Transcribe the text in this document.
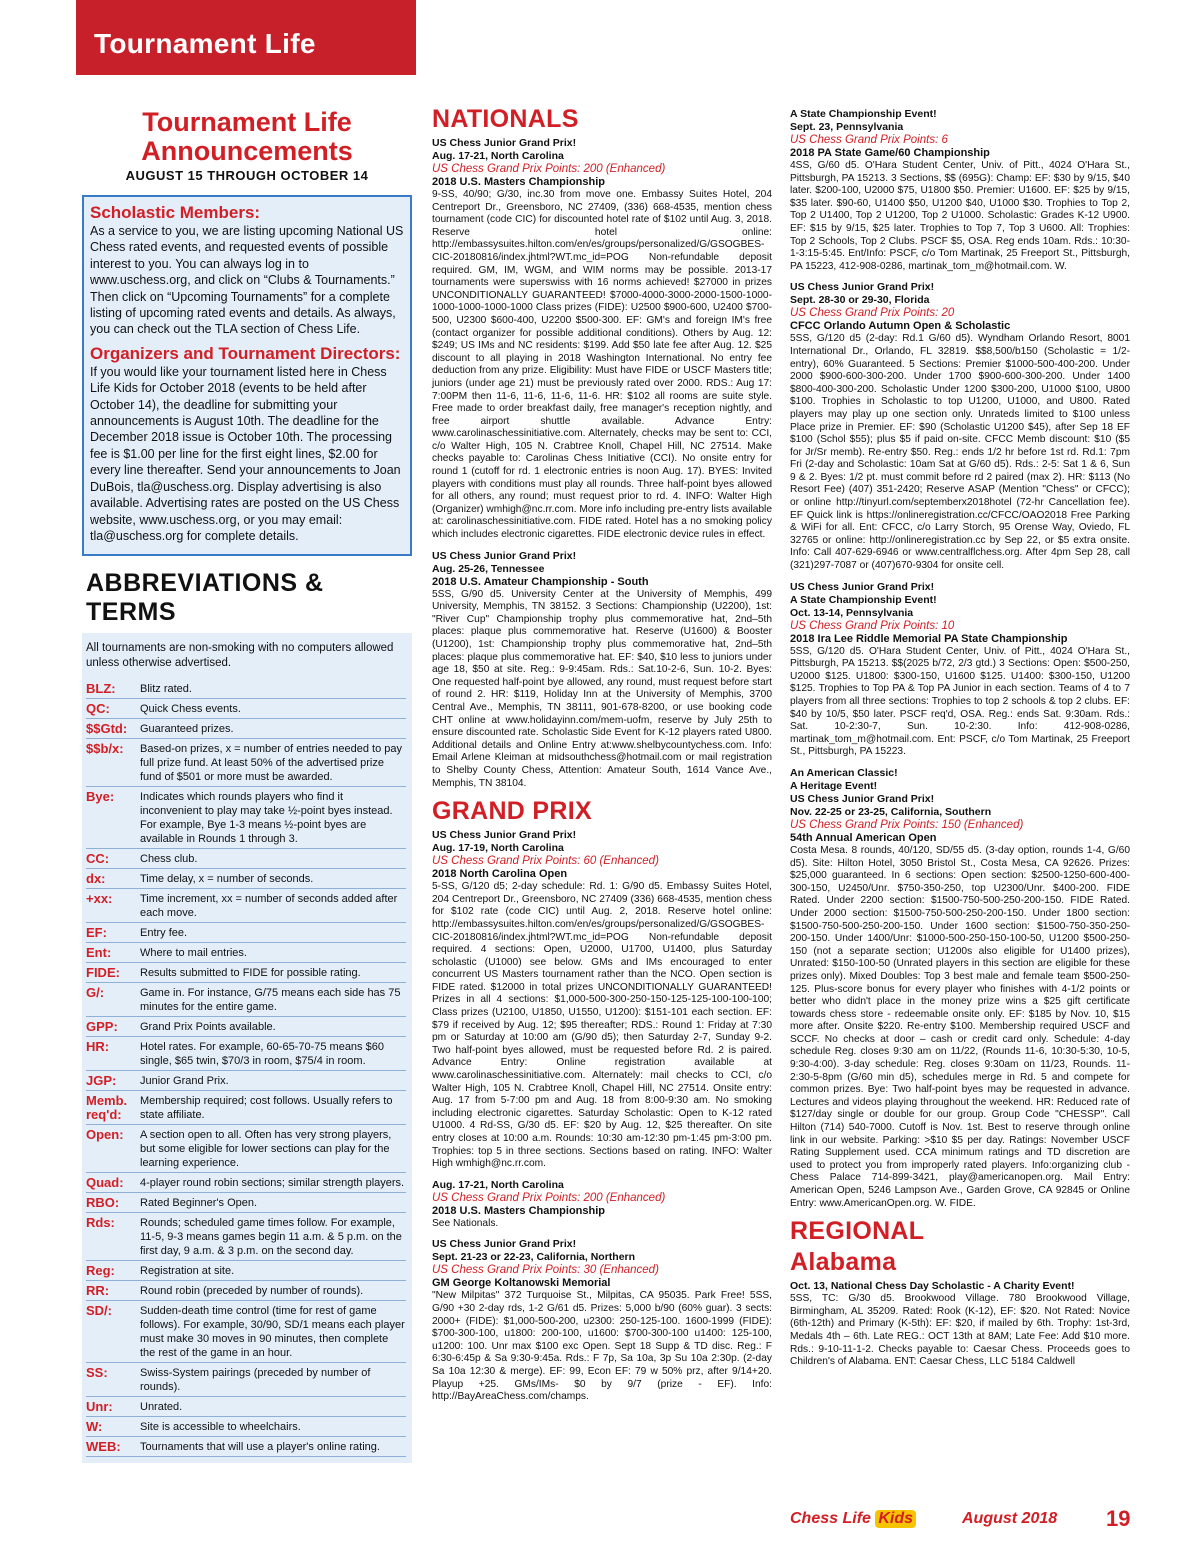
Tournament Life
Tournament Life
Announcements
AUGUST 15 THROUGH OCTOBER 14
Scholastic Members:

As a service to you, we are listing upcoming National US Chess rated events, and requested events of possible interest to you. You can always log in to www.uschess.org, and click on “Clubs & Tournaments.” Then click on “Upcoming Tournaments” for a complete listing of upcoming rated events and details. As always, you can check out the TLA section of Chess Life.

Organizers and Tournament Directors:

If you would like your tournament listed here in Chess Life Kids for October 2018 (events to be held after October 14), the deadline for submitting your announcements is August 10th. The deadline for the December 2018 issue is October 10th. The processing fee is $1.00 per line for the first eight lines, $2.00 for every line thereafter. Send your announcements to Joan DuBois, tla@uschess.org. Display advertising is also available. Advertising rates are posted on the US Chess website, www.uschess.org, or you may email: tla@uschess.org for complete details.

ABBREVIATIONS & TERMS

All tournaments are non-smoking with no computers allowed unless otherwise advertised.

BLZ:	Blitz rated.
QC:	Quick Chess events.
$$Gtd:	Guaranteed prizes.
$$b/x:	Based-on prizes, x = number of entries needed to pay full prize fund. At least 50% of the advertised prize fund of $501 or more must be awarded.
Bye:	Indicates which rounds players who find it inconvenient to play may take ½-point byes instead. For example, Bye 1-3 means ½-point byes are available in Rounds 1 through 3.
CC:	Chess club.
dx:	Time delay, x = number of seconds.
+xx:	Time increment, xx = number of seconds added after each move.
EF:	Entry fee.
Ent:	Where to mail entries.
FIDE:	Results submitted to FIDE for possible rating.
G/:	Game in. For instance, G/75 means each side has 75 minutes for the entire game.
GPP:	Grand Prix Points available.
HR:	Hotel rates. For example, 60-65-70-75 means $60 single, $65 twin, $70/3 in room, $75/4 in room.
JGP:	Junior Grand Prix.
Memb. req'd:
Membership required; cost follows. Usually refers to state affiliate.
Open:	A section open to all. Often has very strong players, but some eligible for lower sections can play for the learning experience.
Quad:	4-player round robin sections; similar strength players.
RBO:	Rated Beginner's Open.
Rds:	Rounds; scheduled game times follow. For example, 11-5, 9-3 means games begin 11 a.m. & 5 p.m. on the first day, 9 a.m. & 3 p.m. on the second day.
Reg:	Registration at site.
RR:	Round robin (preceded by number of rounds).
SD/:	Sudden-death time control (time for rest of game follows). For example, 30/90, SD/1 means each player must make 30 moves in 90 minutes, then complete the rest of the game in an hour.
SS:	Swiss-System pairings (preceded by number of rounds).
Unr:	Unrated.
W:	Site is accessible to wheelchairs.
WEB:	Tournaments that will use a player's online rating.
NATIONALS
US Chess Junior Grand Prix!
Aug. 17-21, North Carolina
US Chess Grand Prix Points: 200 (Enhanced)
2018 U.S. Masters Championship
9-SS, 40/90; G/30, inc.30 from move one. Embassy Suites Hotel, 204 Centreport Dr., Greensboro, NC 27409, (336) 668-4535, mention chess tournament (code CIC) for discounted hotel rate of $102 until Aug. 3, 2018. Reserve hotel online: http://embassysuites.hilton.com/en/es/groups/personalized/G/GSOGBES-CIC-20180816/index.jhtml?WT.mc_id=POG Non-refundable deposit required. GM, IM, WGM, and WIM norms may be possible. 2013-17 tournaments were superswiss with 16 norms achieved! $27000 in prizes UNCONDITIONALLY GUARANTEED! $7000-4000-3000-2000-1500-1000-1000-1000-1000-1000 Class prizes (FIDE): U2500 $900-600, U2400 $700-500, U2300 $600-400, U2200 $500-300. EF: GM's and foreign IM's free (contact organizer for possible additional conditions). Others by Aug. 12: $249; US IMs and NC residents: $199. Add $50 late fee after Aug. 12. $25 discount to all playing in 2018 Washington International. No entry fee deduction from any prize. Eligibility: Must have FIDE or USCF Masters title; juniors (under age 21) must be previously rated over 2000. RDS.: Aug 17: 7:00PM then 11-6, 11-6, 11-6, 11-6. HR: $102 all rooms are suite style. Free made to order breakfast daily, free manager's reception nightly, and free airport shuttle available. Advance Entry: www.carolinaschessinitiative.com. Alternately, checks may be sent to: CCI, c/o Walter High, 105 N. Crabtree Knoll, Chapel Hill, NC 27514. Make checks payable to: Carolinas Chess Initiative (CCI). No onsite entry for round 1 (cutoff for rd. 1 electronic entries is noon Aug. 17). BYES: Invited players with conditions must play all rounds. Three half-point byes allowed for all others, any round; must request prior to rd. 4. INFO: Walter High (Organizer) wmhigh@nc.rr.com. More info including pre-entry lists available at: carolinaschessinitiative.com. FIDE rated. Hotel has a no smoking policy which includes electronic cigarettes. FIDE electronic device rules in effect.
US Chess Junior Grand Prix!
Aug. 25-26, Tennessee
2018 U.S. Amateur Championship - South
5SS, G/90 d5. University Center at the University of Memphis, 499 University, Memphis, TN 38152. 3 Sections: Championship (U2200), 1st: "River Cup" Championship trophy plus commemorative hat, 2nd–5th places: plaque plus commemorative hat. Reserve (U1600) & Booster (U1200), 1st: Championship trophy plus commemorative hat, 2nd–5th places: plaque plus commemorative hat. EF: $40, $10 less to juniors under age 18, $50 at site. Reg.: 9-9:45am. Rds.: Sat.10-2-6, Sun. 10-2. Byes: One requested half-point bye allowed, any round, must request before start of round 2. HR: $119, Holiday Inn at the University of Memphis, 3700 Central Ave., Memphis, TN 38111, 901-678-8200, or use booking code CHT online at www.holidayinn.com/mem-uofm, reserve by July 25th to ensure discounted rate. Scholastic Side Event for K-12 players rated U800. Additional details and Online Entry at:www.shelbycountychess.com. Info: Email Arlene Kleiman at midsouthchess@hotmail.com or mail registration to Shelby County Chess, Attention: Amateur South, 1614 Vance Ave., Memphis, TN 38104.
GRAND PRIX
US Chess Junior Grand Prix!
Aug. 17-19, North Carolina
US Chess Grand Prix Points: 60 (Enhanced)
2018 North Carolina Open
5-SS, G/120 d5; 2-day schedule: Rd. 1: G/90 d5. Embassy Suites Hotel, 204 Centreport Dr., Greensboro, NC 27409 (336) 668-4535, mention chess for $102 rate (code CIC) until Aug. 2, 2018. Reserve hotel online: http://embassysuites.hilton.com/en/es/groups/personalized/G/GSOGBES-CIC-20180816/index.jhtml?WT.mc_id=POG Non-refundable deposit required. 4 sections: Open, U2000, U1700, U1400, plus Saturday scholastic (U1000) see below. GMs and IMs encouraged to enter concurrent US Masters tournament rather than the NCO. Open section is FIDE rated. $12000 in total prizes UNCONDITIONALLY GUARANTEED! Prizes in all 4 sections: $1,000-500-300-250-150-125-125-100-100-100; Class prizes (U2100, U1850, U1550, U1200): $151-101 each section. EF: $79 if received by Aug. 12; $95 thereafter; RDS.: Round 1: Friday at 7:30 pm or Saturday at 10:00 am (G/90 d5); then Saturday 2-7, Sunday 9-2. Two half-point byes allowed, must be requested before Rd. 2 is paired. Advance Entry: Online registration available at www.carolinaschessinitiative.com. Alternately: mail checks to CCI, c/o Walter High, 105 N. Crabtree Knoll, Chapel Hill, NC 27514. Onsite entry: Aug. 17 from 5-7:00 pm and Aug. 18 from 8:00-9:30 am. No smoking including electronic cigarettes. Saturday Scholastic: Open to K-12 rated U1000. 4 Rd-SS, G/30 d5. EF: $20 by Aug. 12, $25 thereafter. On site entry closes at 10:00 a.m. Rounds: 10:30 am-12:30 pm-1:45 pm-3:00 pm. Trophies: top 5 in three sections. Sections based on rating. INFO: Walter High wmhigh@nc.rr.com.
Aug. 17-21, North Carolina
US Chess Grand Prix Points: 200 (Enhanced)
2018 U.S. Masters Championship
See Nationals.
US Chess Junior Grand Prix!
Sept. 21-23 or 22-23, California, Northern
US Chess Grand Prix Points: 30 (Enhanced)
GM George Koltanowski Memorial
"New Milpitas" 372 Turquoise St., Milpitas, CA 95035. Park Free! 5SS, G/90 +30 2-day rds, 1-2 G/61 d5. Prizes: 5,000 b/90 (60% guar). 3 sects: 2000+ (FIDE): $1,000-500-200, u2300: 250-125-100. 1600-1999 (FIDE): $700-300-100, u1800: 200-100, u1600: $700-300-100 u1400: 125-100, u1200: 100. Unr max $100 exc Open. Sept 18 Supp & TD disc. Reg.: F 6:30-6:45p & Sa 9:30-9:45a. Rds.: F 7p, Sa 10a, 3p Su 10a 2:30p. (2-day Sa 10a 12:30 & merge). EF: 99, Econ EF: 79 w 50% prz, after 9/14+20. Playup +25. GMs/IMs- $0 by 9/7 (prize - EF). Info: http://BayAreaChess.com/champs.
A State Championship Event!
Sept. 23, Pennsylvania
US Chess Grand Prix Points: 6
2018 PA State Game/60 Championship
4SS, G/60 d5. O'Hara Student Center, Univ. of Pitt., 4024 O'Hara St., Pittsburgh, PA 15213. 3 Sections, $$ (695G): Champ: EF: $30 by 9/15, $40 later. $200-100, U2000 $75, U1800 $50. Premier: U1600. EF: $25 by 9/15, $35 later. $90-60, U1400 $50, U1200 $40, U1000 $30. Trophies to Top 2, Top 2 U1400, Top 2 U1200, Top 2 U1000. Scholastic: Grades K-12 U900. EF: $15 by 9/15, $25 later. Trophies to Top 7, Top 3 U600. All: Trophies: Top 2 Schools, Top 2 Clubs. PSCF $5, OSA. Reg ends 10am. Rds.: 10:30-1-3:15-5:45. Ent/Info: PSCF, c/o Tom Martinak, 25 Freeport St., Pittsburgh, PA 15223, 412-908-0286, martinak_tom_m@hotmail.com. W.
US Chess Junior Grand Prix!
Sept. 28-30 or 29-30, Florida
US Chess Grand Prix Points: 20
CFCC Orlando Autumn Open & Scholastic
5SS, G/120 d5 (2-day: Rd.1 G/60 d5). Wyndham Orlando Resort, 8001 International Dr., Orlando, FL 32819. $$8,500/b150 (Scholastic = 1/2-entry), 60% Guaranteed. 5 Sections: Premier $1000-500-400-200. Under 2000 $900-600-300-200. Under 1700 $900-600-300-200. Under 1400 $800-400-300-200. Scholastic Under 1200 $300-200, U1000 $100, U800 $100. Trophies in Scholastic to top U1200, U1000, and U800. Rated players may play up one section only. Unrateds limited to $100 unless Place prize in Premier. EF: $90 (Scholastic U1200 $45), after Sep 18 EF $100 (Schol $55); plus $5 if paid on-site. CFCC Memb discount: $10 ($5 for Jr/Sr memb). Re-entry $50. Reg.: ends 1/2 hr before 1st rd. Rd.1: 7pm Fri (2-day and Scholastic: 10am Sat at G/60 d5). Rds.: 2-5: Sat 1 & 6, Sun 9 & 2. Byes: 1/2 pt. must commit before rd 2 paired (max 2). HR: $113 (No Resort Fee) (407) 351-2420; Reserve ASAP (Mention "Chess" or CFCC); or online http://tinyurl.com/septemberx2018hotel (72-hr Cancellation fee). EF Quick link is https://onlineregistration.cc/CFCC/OAO2018 Free Parking & WiFi for all. Ent: CFCC, c/o Larry Storch, 95 Orense Way, Oviedo, FL 32765 or online: http://onlineregistration.cc by Sep 22, or $5 extra onsite. Info: Call 407-629-6946 or www.centralflchess.org. After 4pm Sep 28, call (321)297-7087 or (407)670-9304 for onsite cell.
US Chess Junior Grand Prix!
A State Championship Event!
Oct. 13-14, Pennsylvania
US Chess Grand Prix Points: 10
2018 Ira Lee Riddle Memorial PA State Championship
5SS, G/120 d5. O'Hara Student Center, Univ. of Pitt., 4024 O'Hara St., Pittsburgh, PA 15213. $$(2025 b/72, 2/3 gtd.) 3 Sections: Open: $500-250, U2000 $125. U1800: $300-150, U1600 $125. U1400: $300-150, U1200 $125. Trophies to Top PA & Top PA Junior in each section. Teams of 4 to 7 players from all three sections: Trophies to top 2 schools & top 2 clubs. EF: $40 by 10/5, $50 later. PSCF req'd, OSA. Reg.: ends Sat. 9:30am. Rds.: Sat. 10-2:30-7, Sun. 10-2:30. Info: 412-908-0286, martinak_tom_m@hotmail.com. Ent: PSCF, c/o Tom Martinak, 25 Freeport St., Pittsburgh, PA 15223.
An American Classic!
A Heritage Event!
US Chess Junior Grand Prix!
Nov. 22-25 or 23-25, California, Southern
US Chess Grand Prix Points: 150 (Enhanced)
54th Annual American Open
Costa Mesa. 8 rounds, 40/120, SD/55 d5. (3-day option, rounds 1-4, G/60 d5). Site: Hilton Hotel, 3050 Bristol St., Costa Mesa, CA 92626. Prizes: $25,000 guaranteed. In 6 sections: Open section: $2500-1250-600-400-300-150, U2450/Unr. $750-350-250, top U2300/Unr. $400-200. FIDE Rated. Under 2200 section: $1500-750-500-250-200-150. FIDE Rated. Under 2000 section: $1500-750-500-250-200-150. Under 1800 section: $1500-750-500-250-200-150. Under 1600 section: $1500-750-350-250-200-150. Under 1400/Unr: $1000-500-250-150-100-50, U1200 $500-250-150 (not a separate section; U1200s also eligible for U1400 prizes), Unrated: $150-100-50 (Unrated players in this section are eligible for these prizes only). Mixed Doubles: Top 3 best male and female team $500-250-125. Plus-score bonus for every player who finishes with 4-1/2 points or better who didn't place in the money prize wins a $25 gift certificate towards chess store - redeemable onsite only. EF: $185 by Nov. 10, $15 more after. Onsite $220. Re-entry $100. Membership required USCF and SCCF. No checks at door – cash or credit card only. Schedule: 4-day schedule Reg. closes 9:30 am on 11/22, (Rounds 11-6, 10:30-5:30, 10-5, 9:30-4:00). 3-day schedule: Reg. closes 9:30am on 11/23, Rounds. 11-2:30-5-8pm (G/60 min d5), schedules merge in Rd. 5 and compete for common prizes. Bye: Two half-point byes may be requested in advance. Lectures and videos playing throughout the weekend. HR: Reduced rate of $127/day single or double for our group. Group Code "CHESSP". Call Hilton (714) 540-7000. Cutoff is Nov. 1st. Best to reserve through online link in our website. Parking: >$10 $5 per day. Ratings: November USCF Rating Supplement used. CCA minimum ratings and TD discretion are used to protect you from improperly rated players. Info:organizing club - Chess Palace 714-899-3421, play@americanopen.org. Mail Entry: American Open, 5246 Lampson Ave., Garden Grove, CA 92845 or Online Entry: www.AmericanOpen.org. W. FIDE.
REGIONAL
Alabama
Oct. 13, National Chess Day Scholastic - A Charity Event!
5SS, TC: G/30 d5. Brookwood Village. 780 Brookwood Village, Birmingham, AL 35209. Rated: Rook (K-12), EF: $20. Not Rated: Novice (6th-12th) and Primary (K-5th): EF: $20, if mailed by 6th. Trophy: 1st-3rd, Medals 4th – 6th. Late REG.: OCT 13th at 8AM; Late Fee: Add $10 more. Rds.: 9-10-11-1-2. Checks payable to: Caesar Chess. Proceeds goes to Children's of Alabama. ENT: Caesar Chess, LLC 5184 Caldwell
Chess Life Kids	August 2018 19
